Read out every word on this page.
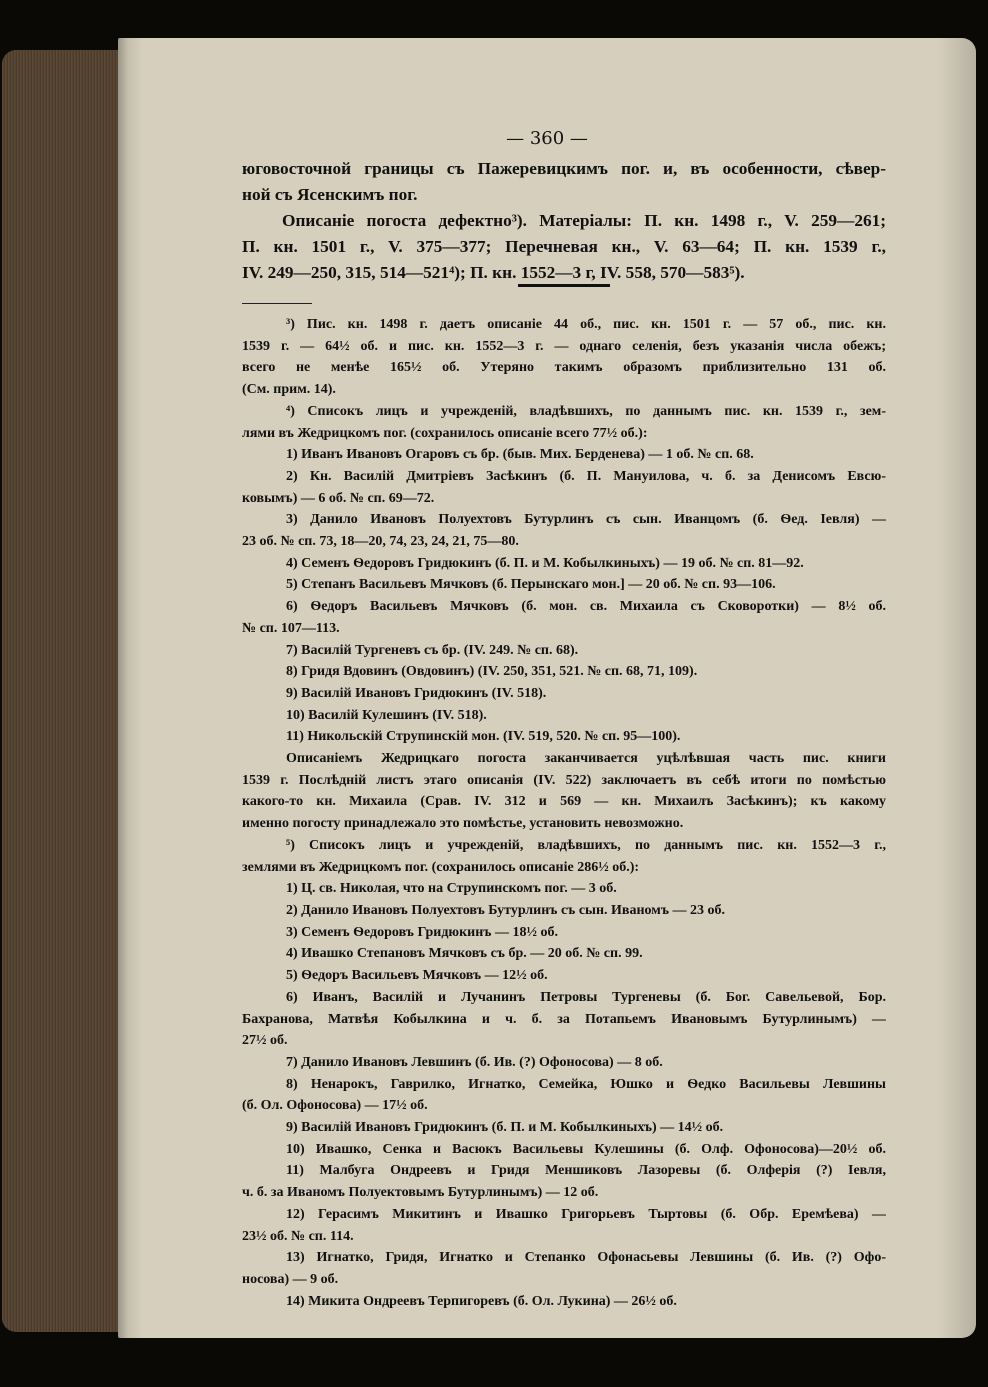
— 360 —
юговосточной границы съ Пажеревицкимъ пог. и, въ особенности, сѣвер-
ной съ Ясенскимъ пог.
Описаніе погоста дефектно³). Матеріалы: П. кн. 1498 г., V. 259—261;
П. кн. 1501 г., V. 375—377; Перечневая кн., V. 63—64; П. кн. 1539 г.,
IV. 249—250, 315, 514—521⁴); П. кн. 1552—3 г, IV. 558, 570—583⁵).
³) Пис. кн. 1498 г. даетъ описаніе 44 об., пис. кн. 1501 г. — 57 об., пис. кн.
1539 г. — 64½ об. и пис. кн. 1552—3 г. — однаго селенія, безъ указанія числа обежъ;
всего не менѣе 165½ об. Утеряно такимъ образомъ приблизительно 131 об.
(См. прим. 14).
⁴) Списокъ лицъ и учрежденій, владѣвшихъ, по даннымъ пис. кн. 1539 г., зем-
лями въ Жедрицкомъ пог. (сохранилось описаніе всего 77½ об.):
1) Иванъ Ивановъ Огаровъ съ бр. (быв. Мих. Берденева) — 1 об. № сп. 68.
2) Кн. Василій Дмитріевъ Засѣкинъ (б. П. Мануилова, ч. б. за Денисомъ Евсю-
ковымъ) — 6 об. № сп. 69—72.
3) Данило Ивановъ Полуехтовъ Бутурлинъ съ сын. Иванцомъ (б. Ѳед. Іевля) —
23 об. № сп. 73, 18—20, 74, 23, 24, 21, 75—80.
4) Семенъ Ѳедоровъ Гридюкинъ (б. П. и М. Кобылкиныхъ) — 19 об. № сп. 81—92.
5) Степанъ Васильевъ Мячковъ (б. Перынскаго мон.] — 20 об. № сп. 93—106.
6) Ѳедоръ Васильевъ Мячковъ (б. мон. св. Михаила съ Сковоротки) — 8½ об.
№ сп. 107—113.
7) Василій Тургеневъ съ бр. (IV. 249. № сп. 68).
8) Гридя Вдовинъ (Овдовинъ) (IV. 250, 351, 521. № сп. 68, 71, 109).
9) Василій Ивановъ Гридюкинъ (IV. 518).
10) Василій Кулешинъ (IV. 518).
11) Никольскій Струпинскій мон. (IV. 519, 520. № сп. 95—100).
Описаніемъ Жедрицкаго погоста заканчивается уцѣлѣвшая часть пис. книги
1539 г. Послѣдній листъ этаго описанія (IV. 522) заключаетъ въ себѣ итоги по помѣстью
какого-то кн. Михаила (Срав. IV. 312 и 569 — кн. Михаилъ Засѣкинъ); къ какому
именно погосту принадлежало это помѣстье, установить невозможно.
⁵) Списокъ лицъ и учрежденій, владѣвшихъ, по даннымъ пис. кн. 1552—3 г.,
землями въ Жедрицкомъ пог. (сохранилось описаніе 286½ об.):
1) Ц. св. Николая, что на Струпинскомъ пог. — 3 об.
2) Данило Ивановъ Полуехтовъ Бутурлинъ съ сын. Иваномъ — 23 об.
3) Семенъ Ѳедоровъ Гридюкинъ — 18½ об.
4) Ивашко Степановъ Мячковъ съ бр. — 20 об. № сп. 99.
5) Ѳедоръ Васильевъ Мячковъ — 12½ об.
6) Иванъ, Василій и Лучанинъ Петровы Тургеневы (б. Бог. Савельевой, Бор.
Бахранова, Матвѣя Кобылкина и ч. б. за Потапьемъ Ивановымъ Бутурлинымъ) —
27½ об.
7) Данило Ивановъ Левшинъ (б. Ив. (?) Офоносова) — 8 об.
8) Ненарокъ, Гаврилко, Игнатко, Семейка, Юшко и Ѳедко Васильевы Левшины
(б. Ол. Офоносова) — 17½ об.
9) Василій Ивановъ Гридюкинъ (б. П. и М. Кобылкиныхъ) — 14½ об.
10) Ивашко, Сенка и Васюкъ Васильевы Кулешины (б. Олф. Офоносова)—20½ об.
11) Малбуга Ондреевъ и Гридя Меншиковъ Лазоревы (б. Олферія (?) Іевля,
ч. б. за Иваномъ Полуектовымъ Бутурлинымъ) — 12 об.
12) Герасимъ Микитинъ и Ивашко Григорьевъ Тыртовы (б. Обр. Еремѣева) —
23½ об. № сп. 114.
13) Игнатко, Гридя, Игнатко и Степанко Офонасьевы Левшины (б. Ив. (?) Офо-
носова) — 9 об.
14) Микита Ондреевъ Терпигоревъ (б. Ол. Лукина) — 26½ об.
